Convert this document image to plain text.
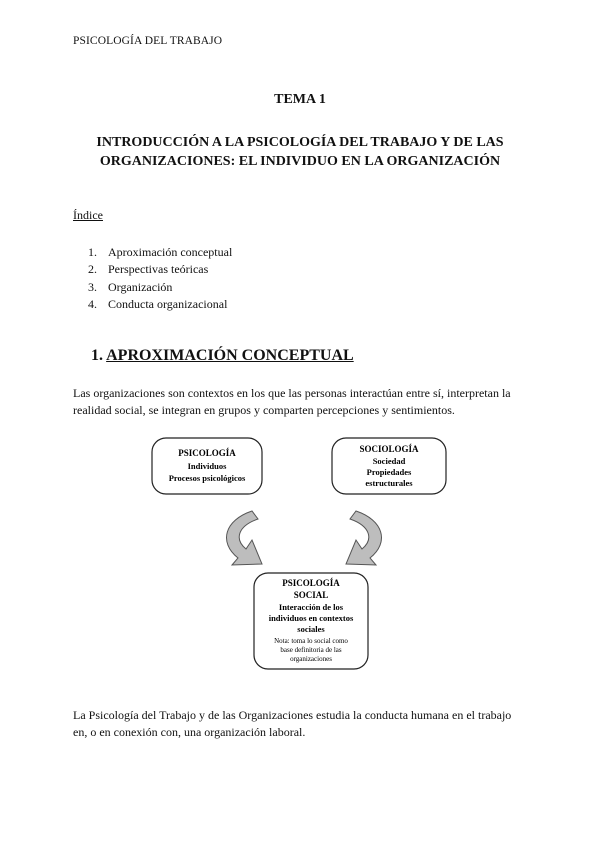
PSICOLOGÍA DEL TRABAJO
TEMA 1
INTRODUCCIÓN A LA PSICOLOGÍA DEL TRABAJO Y DE LAS
ORGANIZACIONES: EL INDIVIDUO EN LA ORGANIZACIÓN
Índice
1. Aproximación conceptual
2. Perspectivas teóricas
3. Organización
4. Conducta organizacional
1. APROXIMACIÓN CONCEPTUAL
Las organizaciones son contextos en los que las personas interactúan entre sí, interpretan la realidad social, se integran en grupos y comparten percepciones y sentimientos.
PSICOLOGÍA
Individuos
Procesos psicológicos
SOCIOLOGÍA
Sociedad
Propiedades
estructurales
PSICOLOGÍA
SOCIAL
Interacción de los
individuos en contextos
sociales
Nota: toma lo social como
base definitoria de las
organizaciones
La Psicología del Trabajo y de las Organizaciones estudia la conducta humana en el trabajo en, o en conexión con, una organización laboral.
